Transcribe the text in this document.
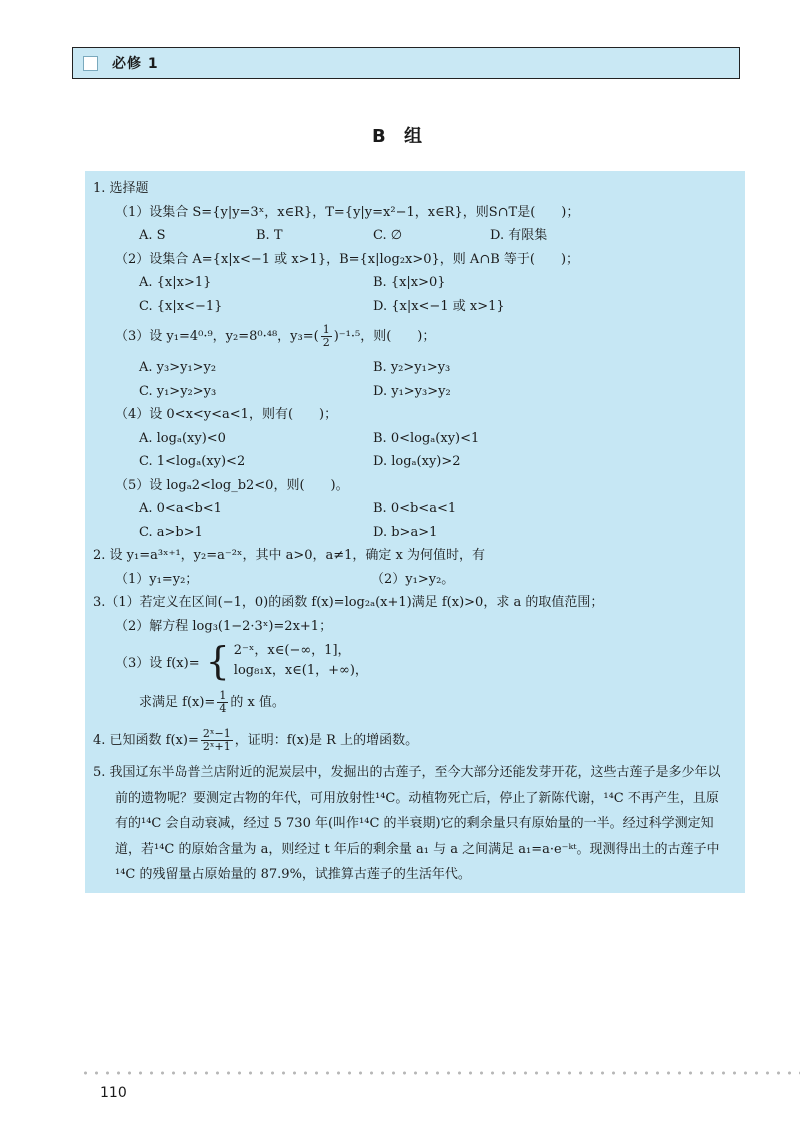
必修 1
B 组
1. 选择题
（1）设集合 S={y|y=3ˣ，x∈R}，T={y|y=x²−1，x∈R}，则S∩T是(　　)；
A. S	B. T	C. ∅	D. 有限集
（2）设集合 A={x|x<−1 或 x>1}，B={x|log₂x>0}，则 A∩B 等于(　　)；
A. {x|x>1}	B. {x|x>0}
C. {x|x<−1}	D. {x|x<−1 或 x>1}
（3）设 y₁=4⁰·⁹，y₂=8⁰·⁴⁸，$y_3=( \frac{1}{2} )^{-1}\cdot^5$，则(　　)；
A. y₃>y₁>y₂	B. y₂>y₁>y₃
C. y₁>y₂>y₃	D. y₁>y₃>y₂
（4）设 0<x<y<a<1，则有(　　)；
A. logₐ(xy)<0	B. 0<logₐ(xy)<1
C. 1<logₐ(xy)<2	D. logₐ(xy)>2
（5）设 logₐ2<log_b2<0，则(　　)。
A. 0<a<b<1	B. 0<b<a<1
C. a>b>1	D. b>a>1
2. 设 y₁=a³ˣ⁺¹，y₂=a⁻²ˣ，其中 a>0，a≠1，确定 x 为何值时，有
（1）y₁=y₂；	（2）y₁>y₂。
3.（1）若定义在区间(−1，0)的函数 f(x)=log₂ₐ(x+1)满足 f(x)>0，求 a 的取值范围；
（2）解方程 log₃(1−2·3ˣ)=2x+1；
（3）设 f(x)= { 2⁻ˣ，x∈(−∞，1]，
log₈₁x，x∈(1，+∞)，
求满足 $f(x)= \frac{1}{4}$ 的 x 值。
4. 已知函数 $f(x)= \frac{\text{2ˣ−1}}{\text{2ˣ+1}}$ ，证明：f(x)是 R 上的增函数。
5. 我国辽东半岛普兰店附近的泥炭层中，发掘出的古莲子，至今大部分还能发芽开花，这些古莲子是多少年以前的遗物呢？要测定古物的年代，可用放射性¹⁴C。动植物死亡后，停止了新陈代谢，¹⁴C 不再产生，且原有的¹⁴C 会自动衰减，经过 5 730 年(叫作¹⁴C 的半衰期)它的剩余量只有原始量的一半。经过科学测定知道，若¹⁴C 的原始含量为 a，则经过 t 年后的剩余量 a₁ 与 a 之间满足 a₁=a·e⁻ᵏᵗ。现测得出土的古莲子中¹⁴C 的残留量占原始量的 87.9%，试推算古莲子的生活年代。
110
